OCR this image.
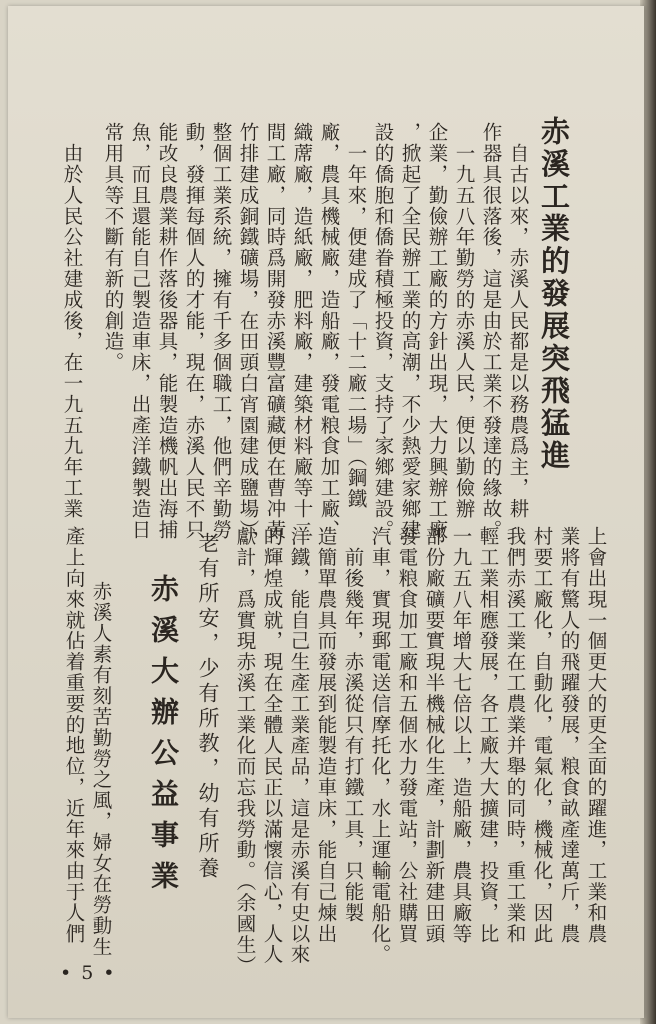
赤溪工業的發展突飛猛進
　自古以來，赤溪人民都是以務農爲主，耕
作器具很落後，這是由於工業不發達的緣故。
　一九五八年勤勞的赤溪人民，便以勤儉辦
企業，勤儉辦工廠的方針出現，大力興辦工廠
，掀起了全民辦工業的高潮，不少熱愛家鄉建
設的僑胞和僑眷積極投資，支持了家鄉建設。
　一年來，便建成了「十二廠二場」（鋼鐵
廠，農具機械廠，造船廠，發電粮食加工廠、
織蓆廠，造紙廠，肥料廠，建築材料廠等十二
間工廠，同時爲開發赤溪豐富礦藏便在曹冲黃
竹排建成銅鐵礦場，在田頭白宵園建成鹽場），
整個工業系統，擁有千多個職工，他們辛勤勞
動，發揮每個人的才能，現在，赤溪人民不只
能改良農業耕作落後器具，能製造機帆出海捕
魚，而且還能自己製造車床，出產洋鐵製造日
常用具等不斷有新的創造。
　由於人民公社建成後，在一九五九年工業
上會出現一個更大的更全面的躍進，工業和農
業將有驚人的飛躍發展，粮食畝產達萬斤，農
村要工廠化，自動化，電氣化，機械化，因此
我們赤溪工業在工農業并舉的同時，重工業和
輕工業相應發展，各工廠大大擴建，投資，比
一九五八年增大七倍以上，造船廠，農具廠等
部份廠礦要實現半機械化生產，計劃新建田頭
發電粮食加工廠和五個水力發電站，公社購買
汽車，實現郵電送信摩托化，水上運輸電船化。
　前後幾年，赤溪從只有打鐵工具，只能製
造簡單農具而發展到能製造車床，能自己煉出
洋鐵，能自己生產工業產品，這是赤溪有史以來
的輝煌成就，現在全體人民正以滿懷信心，人人
獻計，爲實現赤溪工業化而忘我勞動。（余國生）
老有所安，少有所教，幼有所養
赤溪大辦公益事業
　赤溪人素有刻苦勤勞之風，婦女在勞動生
產上向來就佔着重要的地位，近年來由于人們
•5•
